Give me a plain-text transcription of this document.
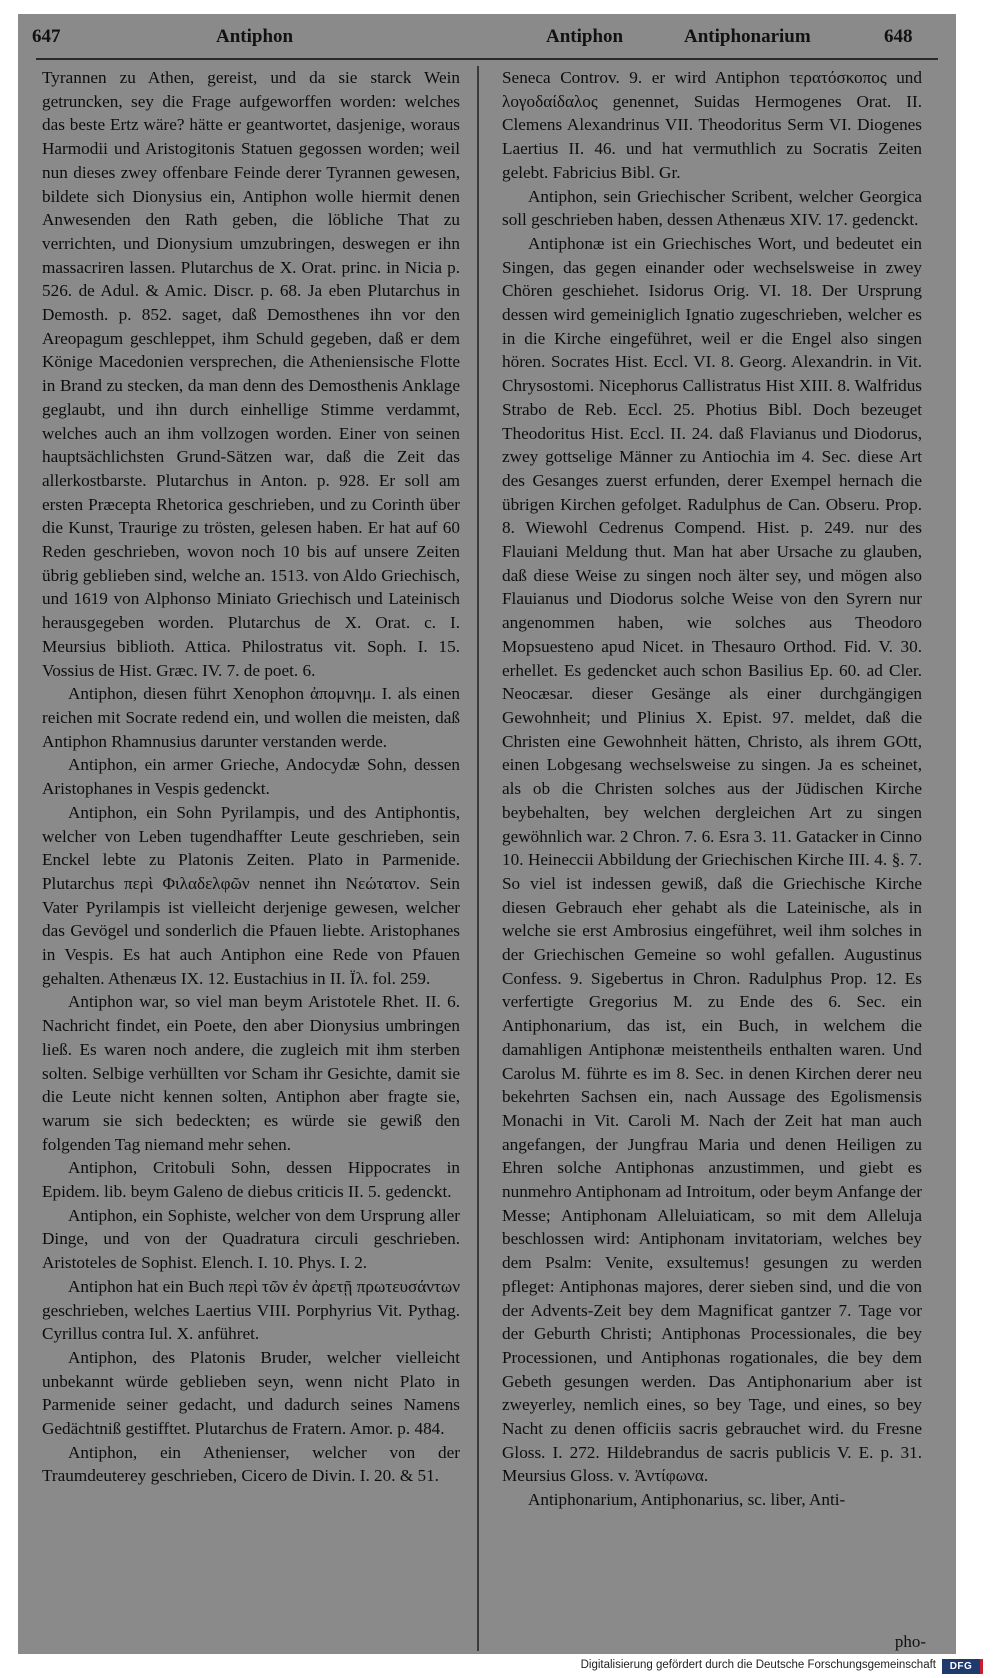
647	Antiphon	Antiphon	Antiphonarium	648

Tyrannen zu Athen, gereist, und da sie starck Wein getruncken, sey die Frage aufgeworffen worden: welches das beste Ertz wäre? hätte er geantwortet, dasjenige, woraus Harmodii und Aristogitonis Statuen gegossen worden; weil nun dieses zwey offenbare Feinde derer Tyrannen gewesen, bildete sich Dionysius ein, Antiphon wolle hiermit denen Anwesenden den Rath geben, die löbliche That zu verrichten, und Dionysium umzubringen, deswegen er ihn massacriren lassen. Plutarchus de X. Orat. princ. in Nicia p. 526. de Adul. & Amic. Discr. p. 68. Ja eben Plutarchus in Demosth. p. 852. saget, daß Demosthenes ihn vor den Areopagum geschleppet, ihm Schuld gegeben, daß er dem Könige Macedonien versprechen, die Atheniensische Flotte in Brand zu stecken, da man denn des Demosthenis Anklage geglaubt, und ihn durch einhellige Stimme verdammt, welches auch an ihm vollzogen worden. Einer von seinen hauptsächlichsten Grund-Sätzen war, daß die Zeit das allerkostbarste. Plutarchus in Anton. p. 928. Er soll am ersten Præcepta Rhetorica geschrieben, und zu Corinth über die Kunst, Traurige zu trösten, gelesen haben. Er hat auf 60 Reden geschrieben, wovon noch 10 bis auf unsere Zeiten übrig geblieben sind, welche an. 1513. von Aldo Griechisch, und 1619 von Alphonso Miniato Griechisch und Lateinisch herausgegeben worden. Plutarchus de X. Orat. c. I. Meursius biblioth. Attica. Philostratus vit. Soph. I. 15. Vossius de Hist. Græc. IV. 7. de poet. 6.

Antiphon, diesen führt Xenophon ἀπομνημ. I. als einen reichen mit Socrate redend ein, und wollen die meisten, daß Antiphon Rhamnusius darunter verstanden werde.

Antiphon, ein armer Grieche, Andocydæ Sohn, dessen Aristophanes in Vespis gedenckt.

Antiphon, ein Sohn Pyrilampis, und des Antiphontis, welcher von Leben tugendhaffter Leute geschrieben, sein Enckel lebte zu Platonis Zeiten. Plato in Parmenide. Plutarchus περὶ Φιλαδελφῶν nennet ihn Νεώτατον. Sein Vater Pyrilampis ist vielleicht derjenige gewesen, welcher das Gevögel und sonderlich die Pfauen liebte. Aristophanes in Vespis. Es hat auch Antiphon eine Rede von Pfauen gehalten. Athenæus IX. 12. Eustachius in II. Ϊλ. fol. 259.

Antiphon war, so viel man beym Aristotele Rhet. II. 6. Nachricht findet, ein Poete, den aber Dionysius umbringen ließ. Es waren noch andere, die zugleich mit ihm sterben solten. Selbige verhüllten vor Scham ihr Gesichte, damit sie die Leute nicht kennen solten, Antiphon aber fragte sie, warum sie sich bedeckten; es würde sie gewiß den folgenden Tag niemand mehr sehen.

Antiphon, Critobuli Sohn, dessen Hippocrates in Epidem. lib. beym Galeno de diebus criticis II. 5. gedenckt.

Antiphon, ein Sophiste, welcher von dem Ursprung aller Dinge, und von der Quadratura circuli geschrieben. Aristoteles de Sophist. Elench. I. 10. Phys. I. 2.

Antiphon hat ein Buch περὶ τῶν ἐν ἀρετῇ πρωτευσάντων geschrieben, welches Laertius VIII. Porphyrius Vit. Pythag. Cyrillus contra Iul. X. anführet.

Antiphon, des Platonis Bruder, welcher vielleicht unbekannt würde geblieben seyn, wenn nicht Plato in Parmenide seiner gedacht, und dadurch seines Namens Gedächtniß gestifftet. Plutarchus de Fratern. Amor. p. 484.

Antiphon, ein Athenienser, welcher von der Traumdeuterey geschrieben, Cicero de Divin. I. 20. & 51.

Seneca Controv. 9. er wird Antiphon τερατόσκοπος und λογοδαίδαλος genennet, Suidas Hermogenes Orat. II. Clemens Alexandrinus VII. Theodoritus Serm VI. Diogenes Laertius II. 46. und hat vermuthlich zu Socratis Zeiten gelebt. Fabricius Bibl. Gr.

Antiphon, sein Griechischer Scribent, welcher Georgica soll geschrieben haben, dessen Athenæus XIV. 17. gedenckt.

Antiphonæ ist ein Griechisches Wort, und bedeutet ein Singen, das gegen einander oder wechselsweise in zwey Chören geschiehet. Isidorus Orig. VI. 18. Der Ursprung dessen wird gemeiniglich Ignatio zugeschrieben, welcher es in die Kirche eingeführet, weil er die Engel also singen hören. Socrates Hist. Eccl. VI. 8. Georg. Alexandrin. in Vit. Chrysostomi. Nicephorus Callistratus Hist XIII. 8. Walfridus Strabo de Reb. Eccl. 25. Photius Bibl. Doch bezeuget Theodoritus Hist. Eccl. II. 24. daß Flavianus und Diodorus, zwey gottselige Männer zu Antiochia im 4. Sec. diese Art des Gesanges zuerst erfunden, derer Exempel hernach die übrigen Kirchen gefolget. Radulphus de Can. Obseru. Prop. 8. Wiewohl Cedrenus Compend. Hist. p. 249. nur des Flauiani Meldung thut. Man hat aber Ursache zu glauben, daß diese Weise zu singen noch älter sey, und mögen also Flauianus und Diodorus solche Weise von den Syrern nur angenommen haben, wie solches aus Theodoro Mopsuesteno apud Nicet. in Thesauro Orthod. Fid. V. 30. erhellet. Es gedencket auch schon Basilius Ep. 60. ad Cler. Neocæsar. dieser Gesänge als einer durchgängigen Gewohnheit; und Plinius X. Epist. 97. meldet, daß die Christen eine Gewohnheit hätten, Christo, als ihrem GOtt, einen Lobgesang wechselsweise zu singen. Ja es scheinet, als ob die Christen solches aus der Jüdischen Kirche beybehalten, bey welchen dergleichen Art zu singen gewöhnlich war. 2 Chron. 7. 6. Esra 3. 11. Gatacker in Cinno 10. Heineccii Abbildung der Griechischen Kirche III. 4. §. 7. So viel ist indessen gewiß, daß die Griechische Kirche diesen Gebrauch eher gehabt als die Lateinische, als in welche sie erst Ambrosius eingeführet, weil ihm solches in der Griechischen Gemeine so wohl gefallen. Augustinus Confess. 9. Sigebertus in Chron. Radulphus Prop. 12. Es verfertigte Gregorius M. zu Ende des 6. Sec. ein Antiphonarium, das ist, ein Buch, in welchem die damahligen Antiphonæ meistentheils enthalten waren. Und Carolus M. führte es im 8. Sec. in denen Kirchen derer neu bekehrten Sachsen ein, nach Aussage des Egolismensis Monachi in Vit. Caroli M. Nach der Zeit hat man auch angefangen, der Jungfrau Maria und denen Heiligen zu Ehren solche Antiphonas anzustimmen, und giebt es nunmehro Antiphonam ad Introitum, oder beym Anfange der Messe; Antiphonam Alleluiaticam, so mit dem Alleluja beschlossen wird: Antiphonam invitatoriam, welches bey dem Psalm: Venite, exsultemus! gesungen zu werden pfleget: Antiphonas majores, derer sieben sind, und die von der Advents-Zeit bey dem Magnificat gantzer 7. Tage vor der Geburth Christi; Antiphonas Processionales, die bey Processionen, und Antiphonas rogationales, die bey dem Gebeth gesungen werden. Das Antiphonarium aber ist zweyerley, nemlich eines, so bey Tage, und eines, so bey Nacht zu denen officiis sacris gebrauchet wird. du Fresne Gloss. I. 272. Hildebrandus de sacris publicis V. E. p. 31. Meursius Gloss. v. Ἀντίφωνα.

Antiphonarium, Antiphonarius, sc. liber, Anti-

pho-
Digitalisierung gefördert durch die Deutsche Forschungsgemeinschaft	DFG
